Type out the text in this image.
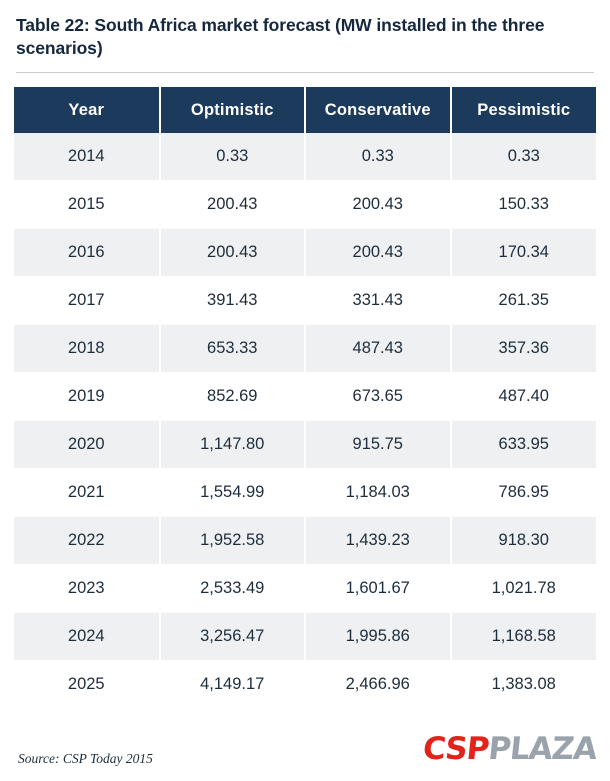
Table 22: South Africa market forecast (MW installed in the three scenarios)
Year	Optimistic	Conservative	Pessimistic
2014	0.33	0.33	0.33
2015	200.43	200.43	150.33
2016	200.43	200.43	170.34
2017	391.43	331.43	261.35
2018	653.33	487.43	357.36
2019	852.69	673.65	487.40
2020	1,147.80	915.75	633.95
2021	1,554.99	1,184.03	786.95
2022	1,952.58	1,439.23	918.30
2023	2,533.49	1,601.67	1,021.78
2024	3,256.47	1,995.86	1,168.58
2025	4,149.17	2,466.96	1,383.08
Source: CSP Today 2015	CSP
PLAZA
